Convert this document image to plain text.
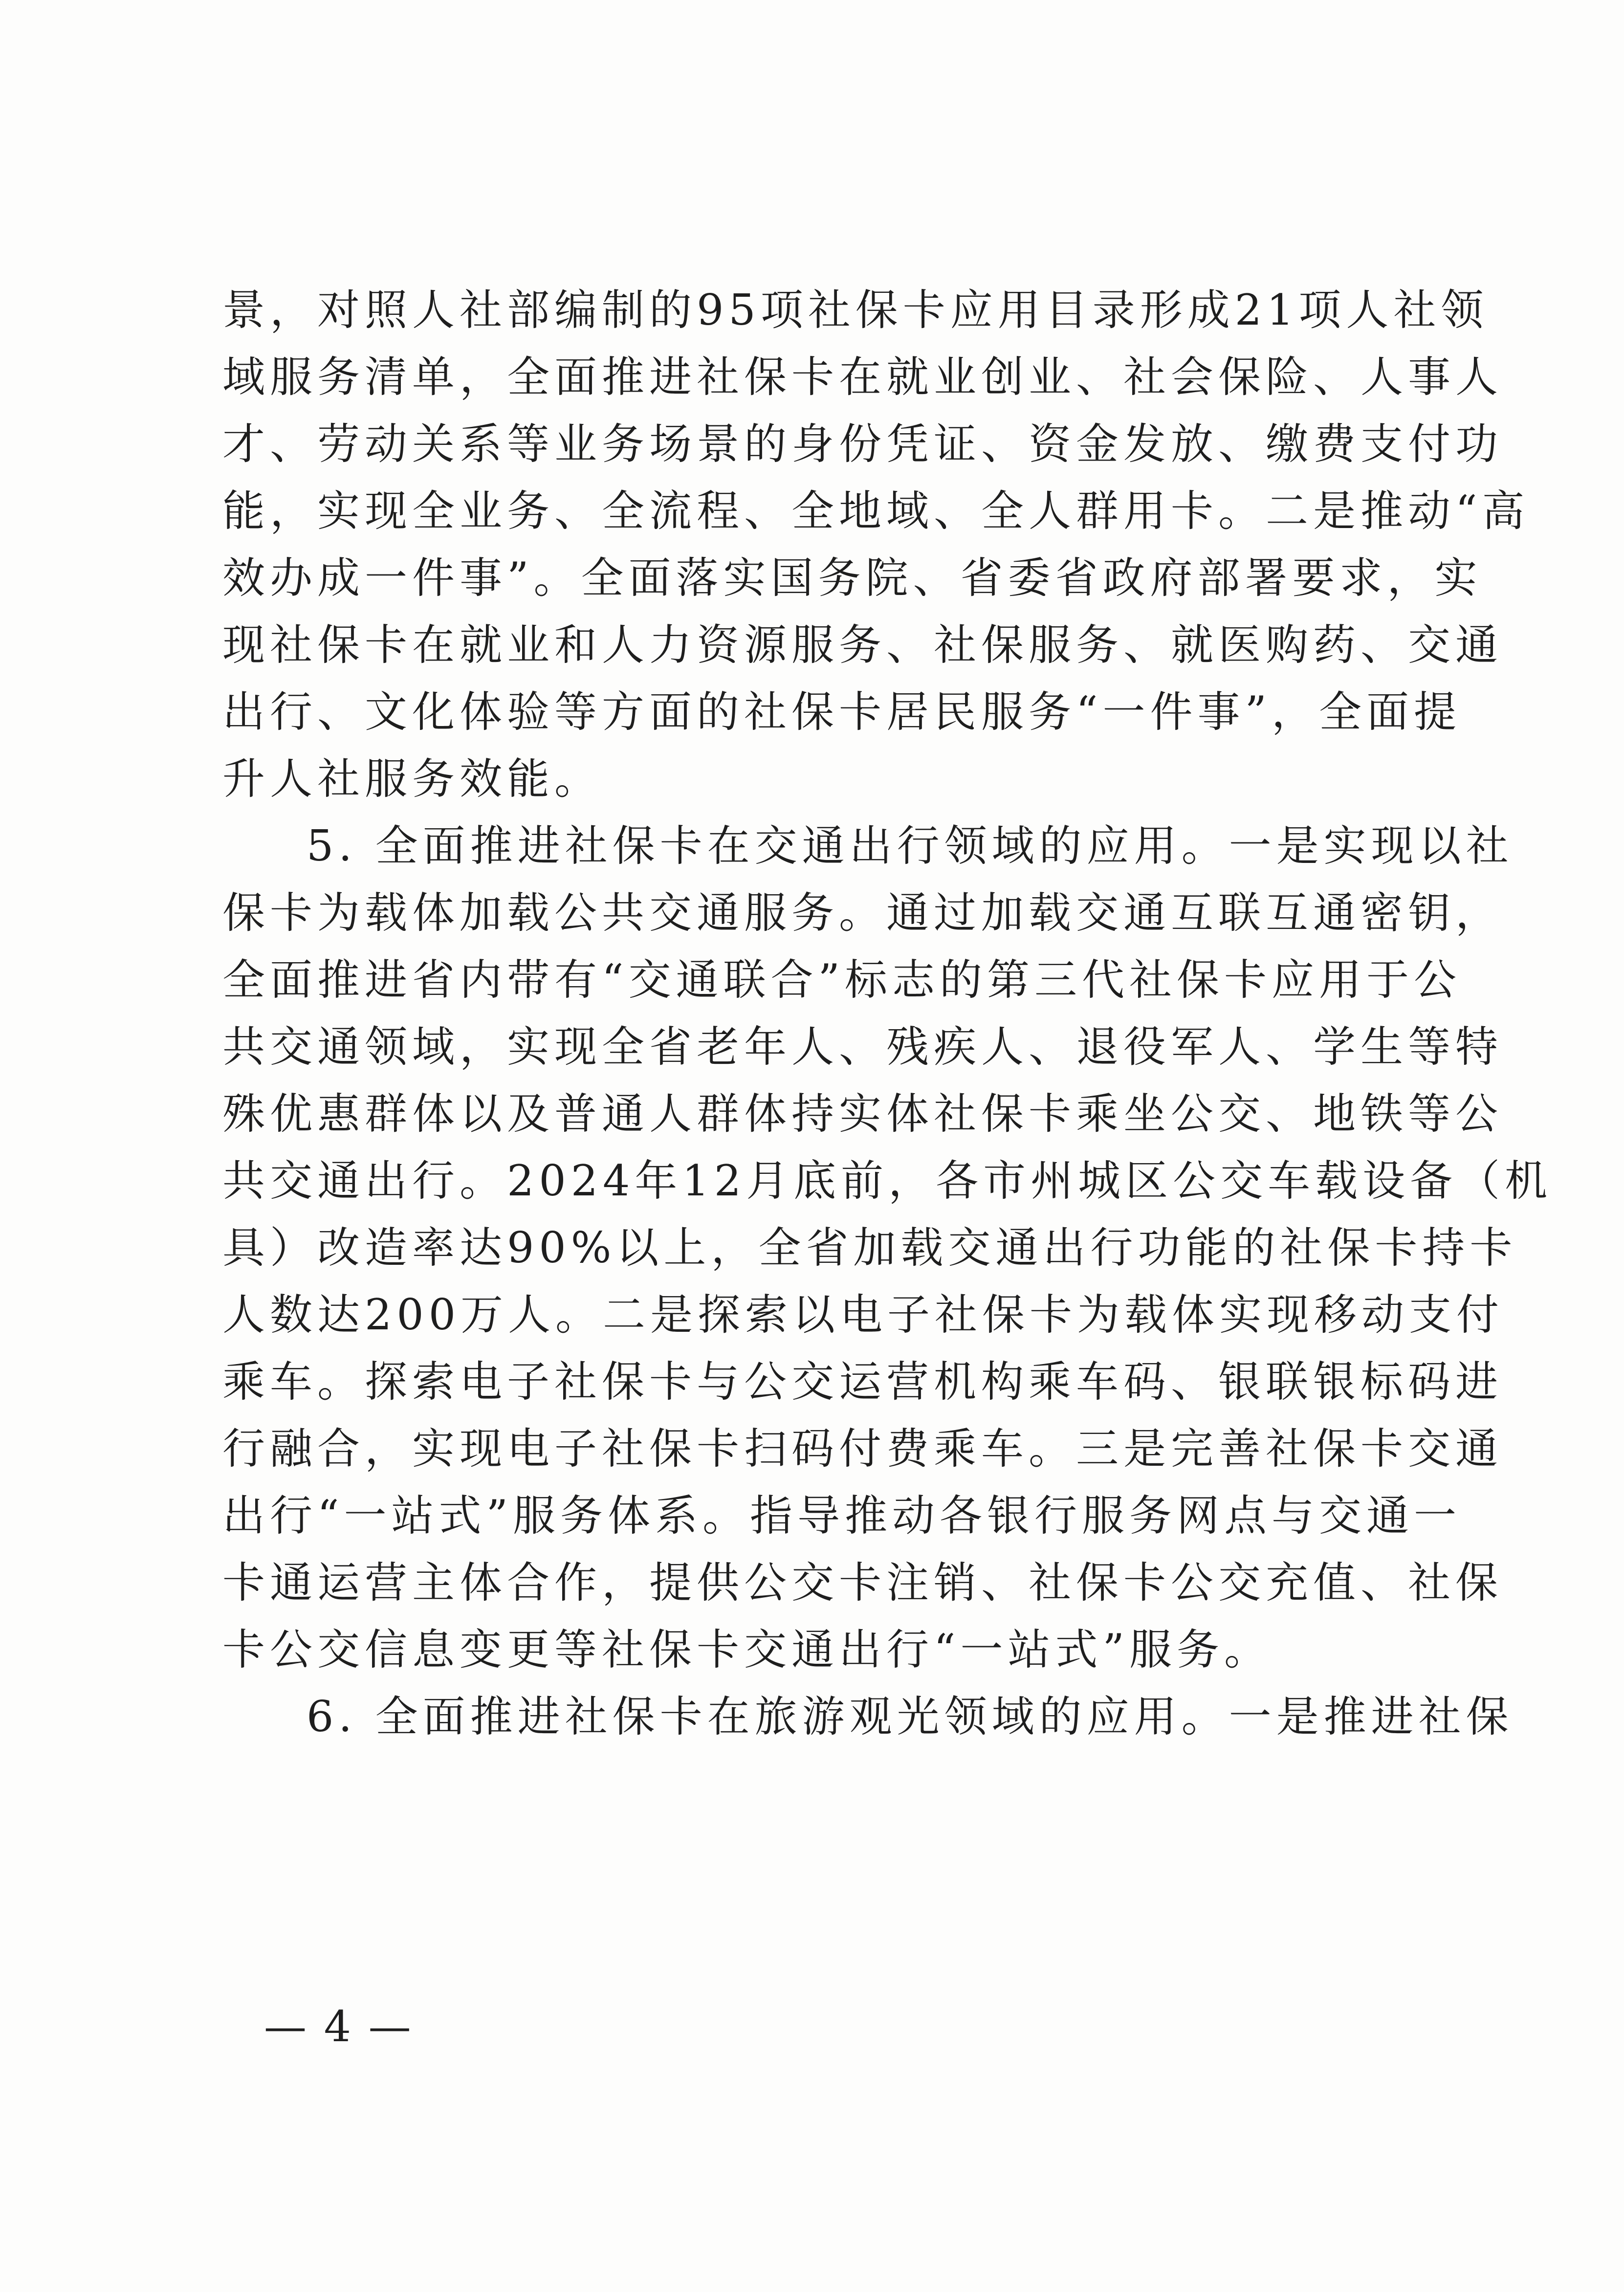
景，对照人社部编制的95项社保卡应用目录形成21项人社领
域服务清单，全面推进社保卡在就业创业、社会保险、人事人
才、劳动关系等业务场景的身份凭证、资金发放、缴费支付功
能，实现全业务、全流程、全地域、全人群用卡。二是推动“高
效办成一件事”。全面落实国务院、省委省政府部署要求，实
现社保卡在就业和人力资源服务、社保服务、就医购药、交通
出行、文化体验等方面的社保卡居民服务“一件事”，全面提
升人社服务效能。
5. 全面推进社保卡在交通出行领域的应用。一是实现以社
保卡为载体加载公共交通服务。通过加载交通互联互通密钥，
全面推进省内带有“交通联合”标志的第三代社保卡应用于公
共交通领域，实现全省老年人、残疾人、退役军人、学生等特
殊优惠群体以及普通人群体持实体社保卡乘坐公交、地铁等公
共交通出行。2024年12月底前，各市州城区公交车载设备（机
具）改造率达90%以上，全省加载交通出行功能的社保卡持卡
人数达200万人。二是探索以电子社保卡为载体实现移动支付
乘车。探索电子社保卡与公交运营机构乘车码、银联银标码进
行融合，实现电子社保卡扫码付费乘车。三是完善社保卡交通
出行“一站式”服务体系。指导推动各银行服务网点与交通一
卡通运营主体合作，提供公交卡注销、社保卡公交充值、社保
卡公交信息变更等社保卡交通出行“一站式”服务。
6. 全面推进社保卡在旅游观光领域的应用。一是推进社保
— 4 —
